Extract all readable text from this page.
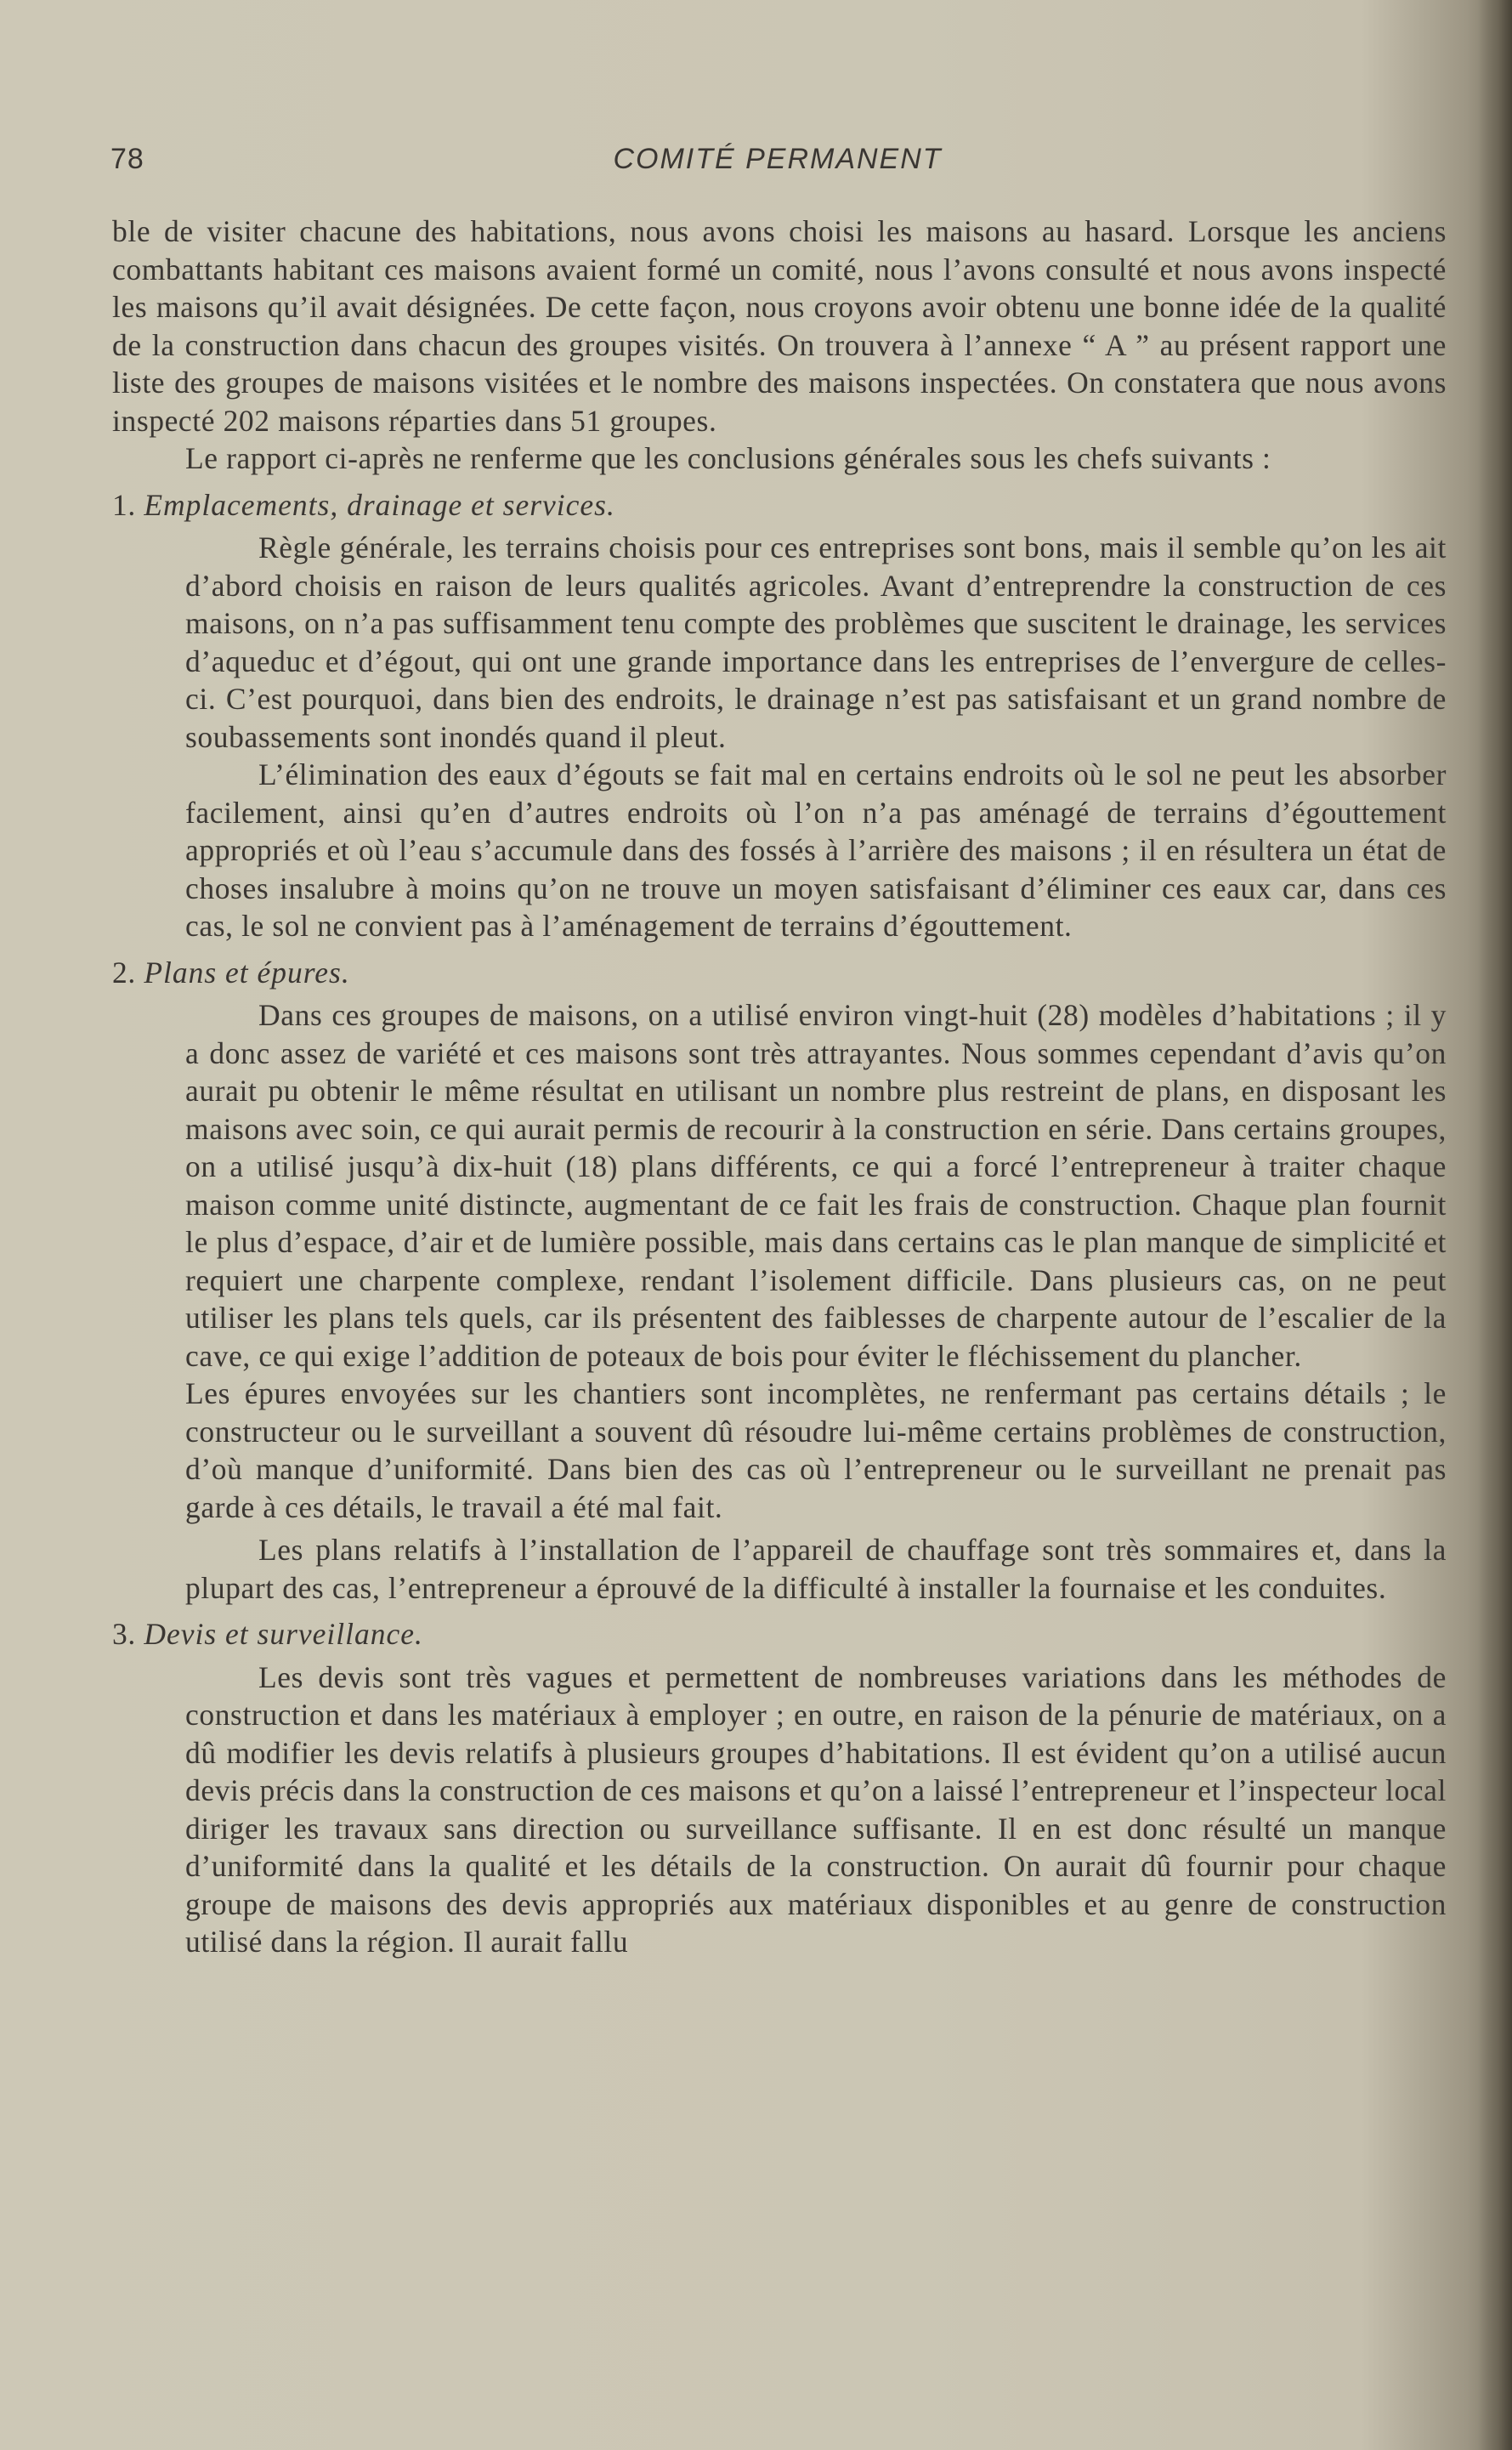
78	COMITÉ PERMANENT

ble de visiter chacune des habitations, nous avons choisi les maisons au hasard. Lorsque les anciens combattants habitant ces maisons avaient formé un comité, nous l’avons consulté et nous avons inspecté les maisons qu’il avait désignées. De cette façon, nous croyons avoir obtenu une bonne idée de la qualité de la construction dans chacun des groupes visités. On trouvera à l’annexe “ A ” au présent rapport une liste des groupes de maisons visitées et le nombre des maisons inspectées. On constatera que nous avons inspecté 202 maisons réparties dans 51 groupes.

Le rapport ci-après ne renferme que les conclusions générales sous les chefs suivants :

1. Emplacements, drainage et services.

Règle générale, les terrains choisis pour ces entreprises sont bons, mais il semble qu’on les ait d’abord choisis en raison de leurs qualités agricoles. Avant d’entreprendre la construction de ces maisons, on n’a pas suffisamment tenu compte des problèmes que suscitent le drainage, les services d’aqueduc et d’égout, qui ont une grande importance dans les entreprises de l’envergure de celles-ci. C’est pourquoi, dans bien des endroits, le drainage n’est pas satisfaisant et un grand nombre de soubassements sont inondés quand il pleut.

L’élimination des eaux d’égouts se fait mal en certains endroits où le sol ne peut les absorber facilement, ainsi qu’en d’autres endroits où l’on n’a pas aménagé de terrains d’égouttement appropriés et où l’eau s’accumule dans des fossés à l’arrière des maisons ; il en résultera un état de choses insalubre à moins qu’on ne trouve un moyen satisfaisant d’éliminer ces eaux car, dans ces cas, le sol ne convient pas à l’aménagement de terrains d’égouttement.

2. Plans et épures.

Dans ces groupes de maisons, on a utilisé environ vingt-huit (28) modèles d’habitations ; il y a donc assez de variété et ces maisons sont très attrayantes. Nous sommes cependant d’avis qu’on aurait pu obtenir le même résultat en utilisant un nombre plus restreint de plans, en disposant les maisons avec soin, ce qui aurait permis de recourir à la construction en série. Dans certains groupes, on a utilisé jusqu’à dix-huit (18) plans différents, ce qui a forcé l’entrepreneur à traiter chaque maison comme unité distincte, augmentant de ce fait les frais de construction. Chaque plan fournit le plus d’espace, d’air et de lumière possible, mais dans certains cas le plan manque de simplicité et requiert une charpente complexe, rendant l’isolement difficile. Dans plusieurs cas, on ne peut utiliser les plans tels quels, car ils présentent des faiblesses de charpente autour de l’escalier de la cave, ce qui exige l’addition de poteaux de bois pour éviter le fléchissement du plancher.

Les épures envoyées sur les chantiers sont incomplètes, ne renfermant pas certains détails ; le constructeur ou le surveillant a souvent dû résoudre lui-même certains problèmes de construction, d’où manque d’uniformité. Dans bien des cas où l’entrepreneur ou le surveillant ne prenait pas garde à ces détails, le travail a été mal fait.

Les plans relatifs à l’installation de l’appareil de chauffage sont très sommaires et, dans la plupart des cas, l’entrepreneur a éprouvé de la difficulté à installer la fournaise et les conduites.

3. Devis et surveillance.

Les devis sont très vagues et permettent de nombreuses variations dans les méthodes de construction et dans les matériaux à employer ; en outre, en raison de la pénurie de matériaux, on a dû modifier les devis relatifs à plusieurs groupes d’habitations. Il est évident qu’on a utilisé aucun devis précis dans la construction de ces maisons et qu’on a laissé l’entrepreneur et l’inspecteur local diriger les travaux sans direction ou surveillance suffisante. Il en est donc résulté un manque d’uniformité dans la qualité et les détails de la construction. On aurait dû fournir pour chaque groupe de maisons des devis appropriés aux matériaux disponibles et au genre de construction utilisé dans la région. Il aurait fallu
